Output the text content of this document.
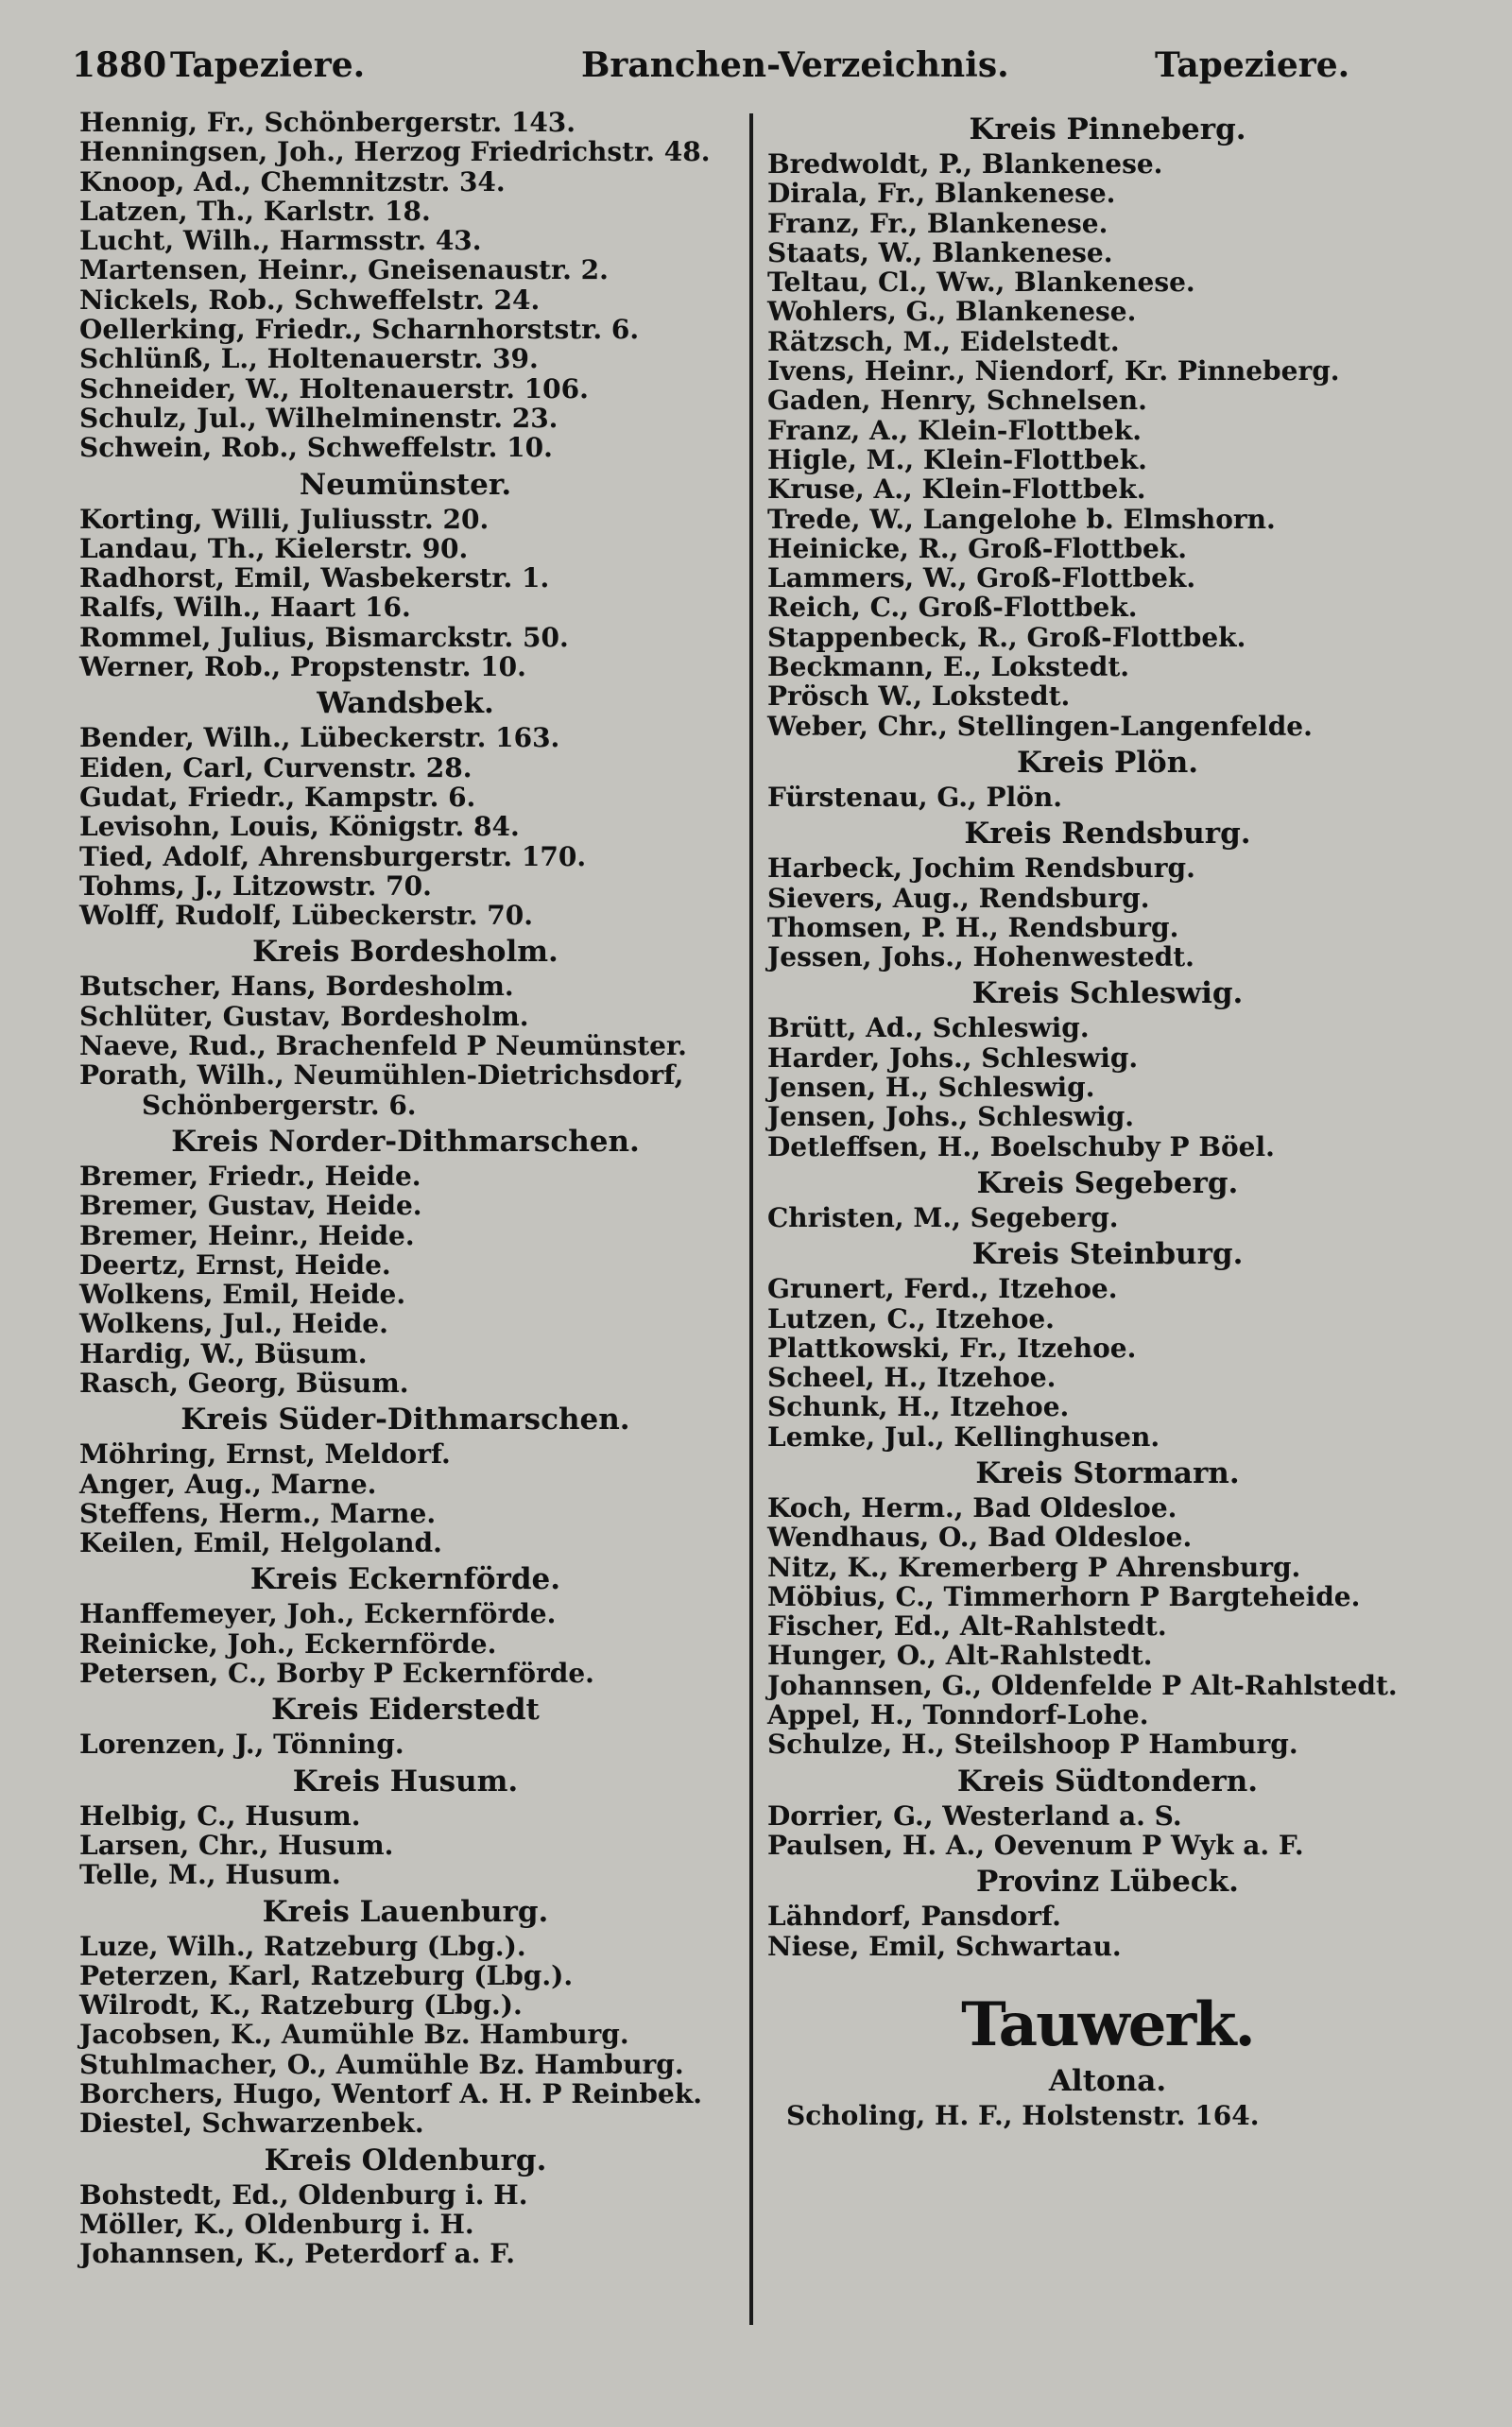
1880 Tapeziere.	Branchen-Verzeichnis.	Tapeziere.
Hennig, Fr., Schönbergerstr. 143.
Henningsen, Joh., Herzog Friedrichstr. 48.
Knoop, Ad., Chemnitzstr. 34.
Latzen, Th., Karlstr. 18.
Lucht, Wilh., Harmsstr. 43.
Martensen, Heinr., Gneisenaustr. 2.
Nickels, Rob., Schweffelstr. 24.
Oellerking, Friedr., Scharnhorststr. 6.
Schlünß, L., Holtenauerstr. 39.
Schneider, W., Holtenauerstr. 106.
Schulz, Jul., Wilhelminenstr. 23.
Schwein, Rob., Schweffelstr. 10.
Neumünster.
Korting, Willi, Juliusstr. 20.
Landau, Th., Kielerstr. 90.
Radhorst, Emil, Wasbekerstr. 1.
Ralfs, Wilh., Haart 16.
Rommel, Julius, Bismarckstr. 50.
Werner, Rob., Propstenstr. 10.
Wandsbek.
Bender, Wilh., Lübeckerstr. 163.
Eiden, Carl, Curvenstr. 28.
Gudat, Friedr., Kampstr. 6.
Levisohn, Louis, Königstr. 84.
Tied, Adolf, Ahrensburgerstr. 170.
Tohms, J., Litzowstr. 70.
Wolff, Rudolf, Lübeckerstr. 70.
Kreis Bordesholm.
Butscher, Hans, Bordesholm.
Schlüter, Gustav, Bordesholm.
Naeve, Rud., Brachenfeld P Neumünster.
Porath, Wilh., Neumühlen-Dietrichsdorf,
Schönbergerstr. 6.
Kreis Norder-Dithmarschen.
Bremer, Friedr., Heide.
Bremer, Gustav, Heide.
Bremer, Heinr., Heide.
Deertz, Ernst, Heide.
Wolkens, Emil, Heide.
Wolkens, Jul., Heide.
Hardig, W., Büsum.
Rasch, Georg, Büsum.
Kreis Süder-Dithmarschen.
Möhring, Ernst, Meldorf.
Anger, Aug., Marne.
Steffens, Herm., Marne.
Keilen, Emil, Helgoland.
Kreis Eckernförde.
Hanffemeyer, Joh., Eckernförde.
Reinicke, Joh., Eckernförde.
Petersen, C., Borby P Eckernförde.
Kreis Eiderstedt
Lorenzen, J., Tönning.
Kreis Husum.
Helbig, C., Husum.
Larsen, Chr., Husum.
Telle, M., Husum.
Kreis Lauenburg.
Luze, Wilh., Ratzeburg (Lbg.).
Peterzen, Karl, Ratzeburg (Lbg.).
Wilrodt, K., Ratzeburg (Lbg.).
Jacobsen, K., Aumühle Bz. Hamburg.
Stuhlmacher, O., Aumühle Bz. Hamburg.
Borchers, Hugo, Wentorf A. H. P Reinbek.
Diestel, Schwarzenbek.
Kreis Oldenburg.
Bohstedt, Ed., Oldenburg i. H.
Möller, K., Oldenburg i. H.
Johannsen, K., Peterdorf a. F.
Kreis Pinneberg.
Bredwoldt, P., Blankenese.
Dirala, Fr., Blankenese.
Franz, Fr., Blankenese.
Staats, W., Blankenese.
Teltau, Cl., Ww., Blankenese.
Wohlers, G., Blankenese.
Rätzsch, M., Eidelstedt.
Ivens, Heinr., Niendorf, Kr. Pinneberg.
Gaden, Henry, Schnelsen.
Franz, A., Klein-Flottbek.
Higle, M., Klein-Flottbek.
Kruse, A., Klein-Flottbek.
Trede, W., Langelohe b. Elmshorn.
Heinicke, R., Groß-Flottbek.
Lammers, W., Groß-Flottbek.
Reich, C., Groß-Flottbek.
Stappenbeck, R., Groß-Flottbek.
Beckmann, E., Lokstedt.
Prösch W., Lokstedt.
Weber, Chr., Stellingen-Langenfelde.
Kreis Plön.
Fürstenau, G., Plön.
Kreis Rendsburg.
Harbeck, Jochim Rendsburg.
Sievers, Aug., Rendsburg.
Thomsen, P. H., Rendsburg.
Jessen, Johs., Hohenwestedt.
Kreis Schleswig.
Brütt, Ad., Schleswig.
Harder, Johs., Schleswig.
Jensen, H., Schleswig.
Jensen, Johs., Schleswig.
Detleffsen, H., Boelschuby P Böel.
Kreis Segeberg.
Christen, M., Segeberg.
Kreis Steinburg.
Grunert, Ferd., Itzehoe.
Lutzen, C., Itzehoe.
Plattkowski, Fr., Itzehoe.
Scheel, H., Itzehoe.
Schunk, H., Itzehoe.
Lemke, Jul., Kellinghusen.
Kreis Stormarn.
Koch, Herm., Bad Oldesloe.
Wendhaus, O., Bad Oldesloe.
Nitz, K., Kremerberg P Ahrensburg.
Möbius, C., Timmerhorn P Bargteheide.
Fischer, Ed., Alt-Rahlstedt.
Hunger, O., Alt-Rahlstedt.
Johannsen, G., Oldenfelde P Alt-Rahlstedt.
Appel, H., Tonndorf-Lohe.
Schulze, H., Steilshoop P Hamburg.
Kreis Südtondern.
Dorrier, G., Westerland a. S.
Paulsen, H. A., Oevenum P Wyk a. F.
Provinz Lübeck.
Lähndorf, Pansdorf.
Niese, Emil, Schwartau.
Tauwerk.
Altona.
Scholing, H. F., Holstenstr. 164.
